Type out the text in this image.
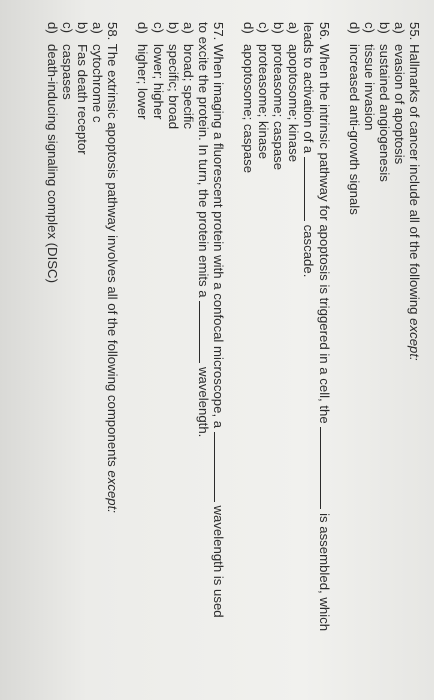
55. Hallmarks of cancer include all of the following except:
a)
evasion of apoptosis
b)
sustained angiogenesis
c)
tissue invasion
d)
increased anti-growth signals
56. When the intrinsic pathway for apoptosis is triggered in a cell, the  is assembled, which
leads to activation of a  cascade.
a)
apoptosome; kinase
b)
proteasome; caspase
c)
proteasome; kinase
d)
apoptosome; caspase
57. When imaging a fluorescent protein with a confocal microscope, a  wavelength is used
to excite the protein. In turn, the protein emits a  wavelength.
a)
broad; specific
b)
specific; broad
c)
lower; higher
d)
higher; lower
58. The extrinsic apoptosis pathway involves all of the following components except:
a)
cytochrome c
b)
Fas death receptor
c)
caspases
d)
death-inducing signaling complex (DISC)
